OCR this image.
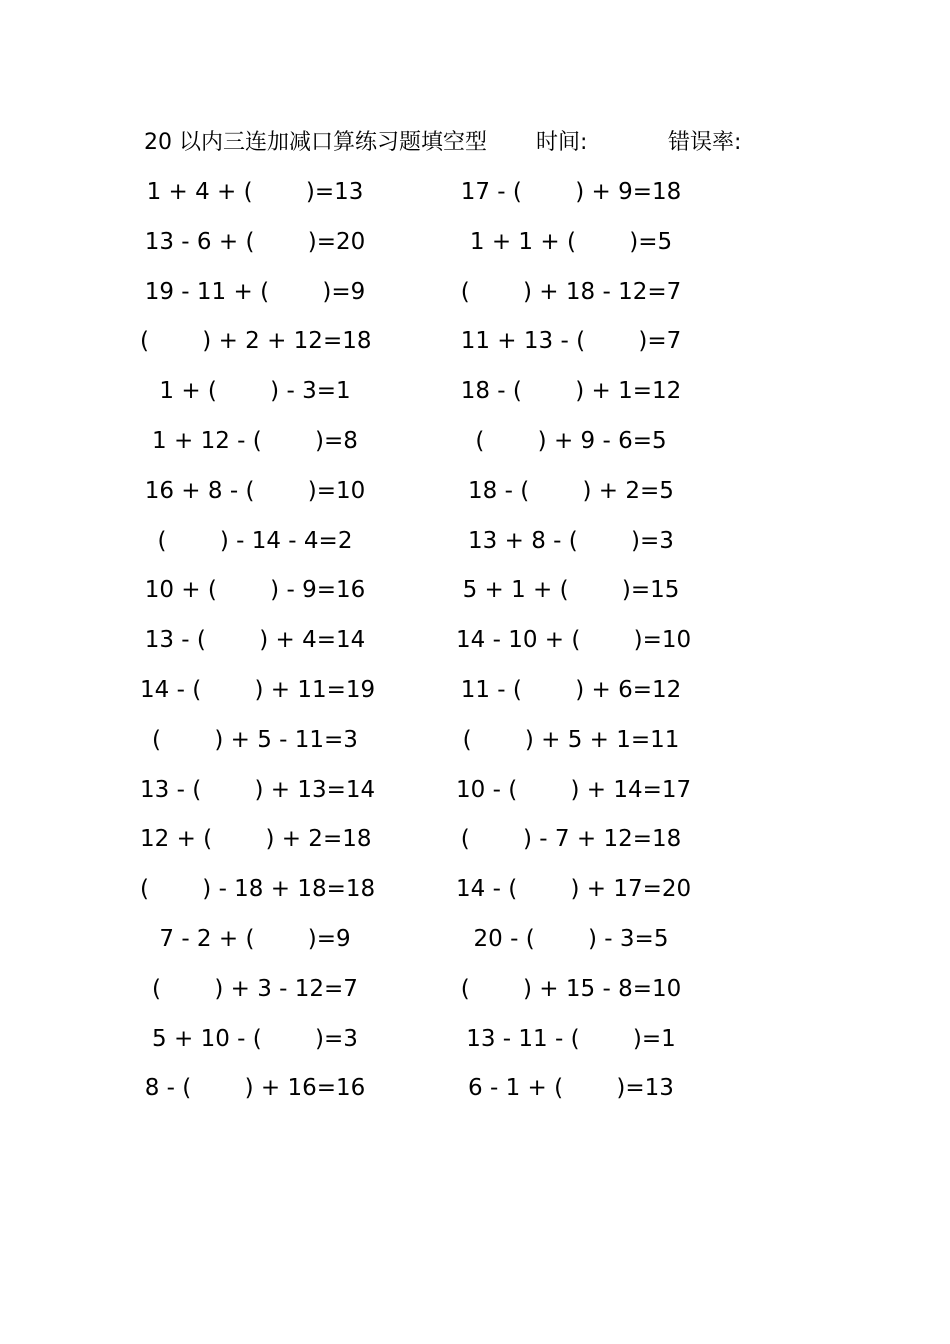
20 以内三连加减口算练习题填空型 时间:	错误率:
1 + 4 + (　　 )=13	17 - (　　 ) + 9=18
13 - 6 + (　　 )=20	1 + 1 + (　　 )=5
19 - 11 + (　　 )=9	(　　 ) + 18 - 12=7
(　　 ) + 2 + 12=18	11 + 13 - (　　 )=7
1 + (　　 ) - 3=1	18 - (　　 ) + 1=12
1 + 12 - (　　 )=8	(　　 ) + 9 - 6=5
16 + 8 - (　　 )=10	18 - (　　 ) + 2=5
(　　 ) - 14 - 4=2	13 + 8 - (　　 )=3
10 + (　　 ) - 9=16	5 + 1 + (　　 )=15
13 - (　　 ) + 4=14	14 - 10 + (　　 )=10
14 - (　　 ) + 11=19	11 - (　　 ) + 6=12
(　　 ) + 5 - 11=3	(　　 ) + 5 + 1=11
13 - (　　 ) + 13=14	10 - (　　 ) + 14=17
12 + (　　 ) + 2=18	(　　 ) - 7 + 12=18
(　　 ) - 18 + 18=18	14 - (　　 ) + 17=20
7 - 2 + (　　 )=9	20 - (　　 ) - 3=5
(　　 ) + 3 - 12=7	(　　 ) + 15 - 8=10
5 + 10 - (　　 )=3	13 - 11 - (　　 )=1
8 - (　　 ) + 16=16	6 - 1 + (　　 )=13
